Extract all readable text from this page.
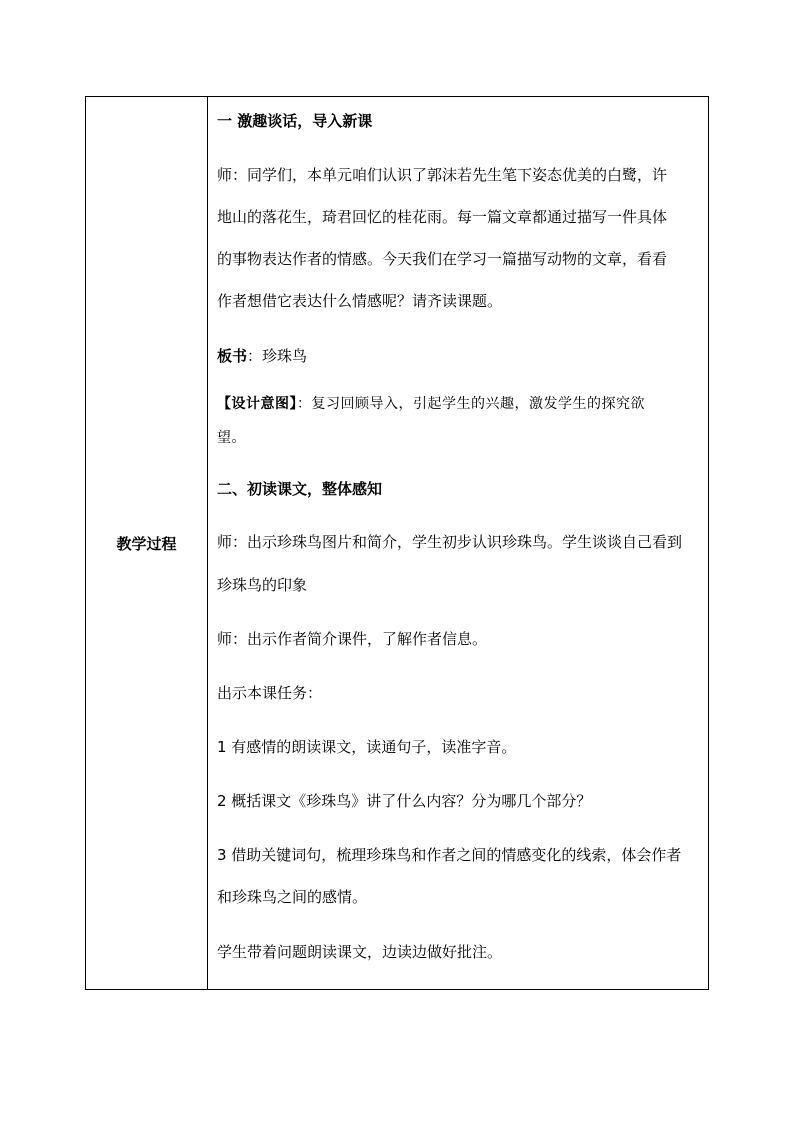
教学过程	
一 激趣谈话，导入新课
师：同学们，本单元咱们认识了郭沫若先生笔下姿态优美的白鹭，许
地山的落花生，琦君回忆的桂花雨。每一篇文章都通过描写一件具体
的事物表达作者的情感。今天我们在学习一篇描写动物的文章，看看
作者想借它表达什么情感呢？请齐读课题。
板书：珍珠鸟
【设计意图】：复习回顾导入，引起学生的兴趣，激发学生的探究欲
望。
二、初读课文，整体感知
师：出示珍珠鸟图片和简介，学生初步认识珍珠鸟。学生谈谈自己看到
珍珠鸟的印象
师：出示作者简介课件，了解作者信息。
出示本课任务：
1 有感情的朗读课文，读通句子，读准字音。
2 概括课文《珍珠鸟》讲了什么内容？分为哪几个部分？
3 借助关键词句，梳理珍珠鸟和作者之间的情感变化的线索，体会作者
和珍珠鸟之间的感情。
学生带着问题朗读课文，边读边做好批注。
